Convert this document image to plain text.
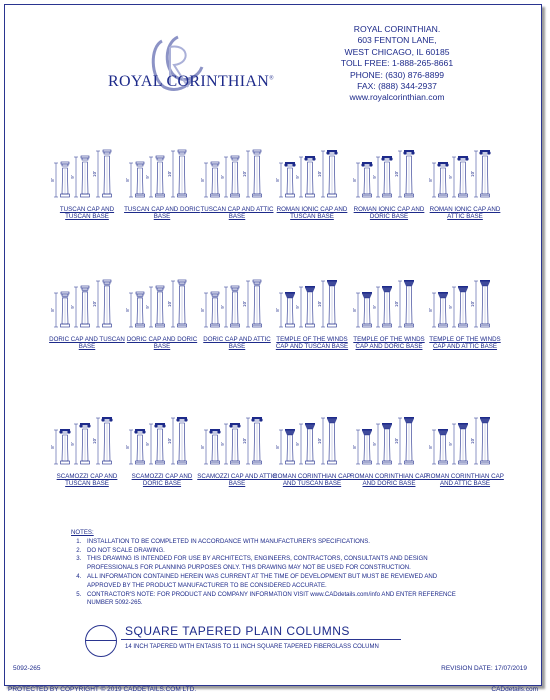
ROYAL CORINTHIAN®
ROYAL CORINTHIAN.
603 FENTON LANE,
WEST CHICAGO, IL 60185
TOLL FREE: 1-888-265-8661
PHONE: (630) 876-8899
FAX: (888) 344-2937
www.royalcorinthian.com
8'
9'
10'
TUSCAN CAP AND TUSCAN BASE
8'
9'
10'
TUSCAN CAP AND DORIC BASE
8'
9'
10'
TUSCAN CAP AND ATTIC BASE
8'
9'
10'
ROMAN IONIC CAP AND TUSCAN BASE
8'
9'
10'
ROMAN IONIC CAP AND DORIC BASE
8'
9'
10'
ROMAN IONIC CAP AND ATTIC BASE
8'
9'
10'
DORIC CAP AND TUSCAN BASE
8'
9'
10'
DORIC CAP AND DORIC BASE
8'
9'
10'
DORIC CAP AND ATTIC BASE
8'
9'
10'
TEMPLE OF THE WINDS CAP AND TUSCAN BASE
8'
9'
10'
TEMPLE OF THE WINDS CAP AND DORIC BASE
8'
9'
10'
TEMPLE OF THE WINDS CAP AND ATTIC BASE
8'
9'
10'
SCAMOZZI CAP AND TUSCAN BASE
8'
9'
10'
SCAMOZZI CAP AND DORIC BASE
8'
9'
10'
SCAMOZZI CAP AND ATTIC BASE
8'
9'
10'
ROMAN CORINTHIAN CAP AND TUSCAN BASE
8'
9'
10'
ROMAN CORINTHIAN CAP AND DORIC BASE
8'
9'
10'
ROMAN CORINTHIAN CAP AND ATTIC BASE
NOTES:
1. INSTALLATION TO BE COMPLETED IN ACCORDANCE WITH MANUFACTURER'S SPECIFICATIONS.
2. DO NOT SCALE DRAWING.
3. THIS DRAWING IS INTENDED FOR USE BY ARCHITECTS, ENGINEERS, CONTRACTORS, CONSULTANTS AND DESIGN PROFESSIONALS FOR PLANNING PURPOSES ONLY. THIS DRAWING MAY NOT BE USED FOR CONSTRUCTION.
4. ALL INFORMATION CONTAINED HEREIN WAS CURRENT AT THE TIME OF DEVELOPMENT BUT MUST BE REVIEWED AND APPROVED BY THE PRODUCT MANUFACTURER TO BE CONSIDERED ACCURATE.
5. CONTRACTOR'S NOTE: FOR PRODUCT AND COMPANY INFORMATION VISIT www.CADdetails.com/info AND ENTER REFERENCE NUMBER 5092-265.
SQUARE TAPERED PLAIN COLUMNS
14 INCH TAPERED WITH ENTASIS TO 11 INCH SQUARE TAPERED FIBERGLASS COLUMN
5092-265	REVISION DATE: 17/07/2019
PROTECTED BY COPYRIGHT © 2019 CADDETAILS.COM LTD.	CADdetails.com
